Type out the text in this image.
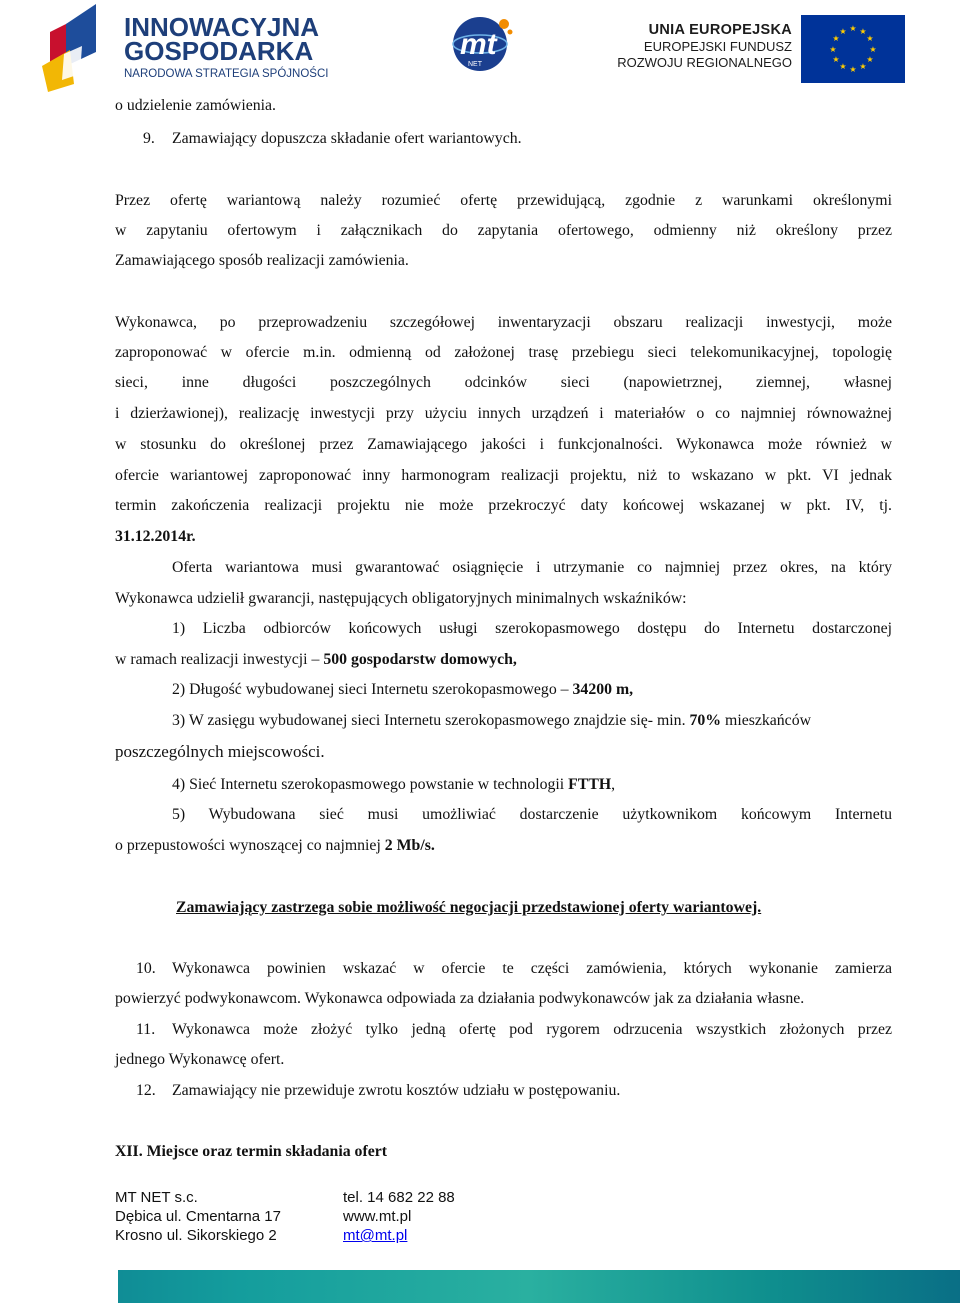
★
INNOWACYJNA
GOSPODARKA
NARODOWA STRATEGIA SPÓJNOŚCI
mt
NET
UNIA EUROPEJSKA
EUROPEJSKI FUNDUSZ
ROZWOJU REGIONALNEGO
★ ★
★
★
★
★
★
★
★
★
★
★
o udzielenie zamówienia.
9. Zamawiający dopuszcza składanie ofert wariantowych.
Przez ofertę wariantową należy rozumieć ofertę przewidującą, zgodnie z warunkami określonymi
w zapytaniu ofertowym i załącznikach do zapytania ofertowego, odmienny niż określony przez
Zamawiającego sposób realizacji zamówienia.
Wykonawca, po przeprowadzeniu szczegółowej inwentaryzacji obszaru realizacji inwestycji, może
zaproponować w ofercie m.in. odmienną od założonej trasę przebiegu sieci telekomunikacyjnej, topologię
sieci, inne długości poszczególnych odcinków sieci (napowietrznej, ziemnej, własnej
i dzierżawionej), realizację inwestycji przy użyciu innych urządzeń i materiałów o co najmniej równoważnej
w stosunku do określonej przez Zamawiającego jakości i funkcjonalności. Wykonawca może również w
ofercie wariantowej zaproponować inny harmonogram realizacji projektu, niż to wskazano w pkt. VI jednak
termin zakończenia realizacji projektu nie może przekroczyć daty końcowej wskazanej w pkt. IV, tj.
31.12.2014r.
Oferta wariantowa musi gwarantować osiągnięcie i utrzymanie co najmniej przez okres, na który
Wykonawca udzielił gwarancji, następujących obligatoryjnych minimalnych wskaźników:
1) Liczba odbiorców końcowych usługi szerokopasmowego dostępu do Internetu dostarczonej
w ramach realizacji inwestycji – 500 gospodarstw domowych,
2) Długość wybudowanej sieci Internetu szerokopasmowego – 34200 m,
3) W zasięgu wybudowanej sieci Internetu szerokopasmowego znajdzie się- min. 70% mieszkańców
poszczególnych miejscowości.
4) Sieć Internetu szerokopasmowego powstanie w technologii FTTH,
5) Wybudowana sieć musi umożliwiać dostarczenie użytkownikom końcowym Internetu
o przepustowości wynoszącej co najmniej 2 Mb/s.
Zamawiający zastrzega sobie możliwość negocjacji przedstawionej oferty wariantowej.
10. Wykonawca powinien wskazać w ofercie te części zamówienia, których wykonanie zamierza
powierzyć podwykonawcom. Wykonawca odpowiada za działania podwykonawców jak za działania własne.
11. Wykonawca może złożyć tylko jedną ofertę pod rygorem odrzucenia wszystkich złożonych przez
jednego Wykonawcę ofert.
12. Zamawiający nie przewiduje zwrotu kosztów udziału w postępowaniu.
XII. Miejsce oraz termin składania ofert
MT NET s.c.
Dębica ul. Cmentarna 17
Krosno ul. Sikorskiego 2
tel. 14 682 22 88
www.mt.pl
mt@mt.pl
